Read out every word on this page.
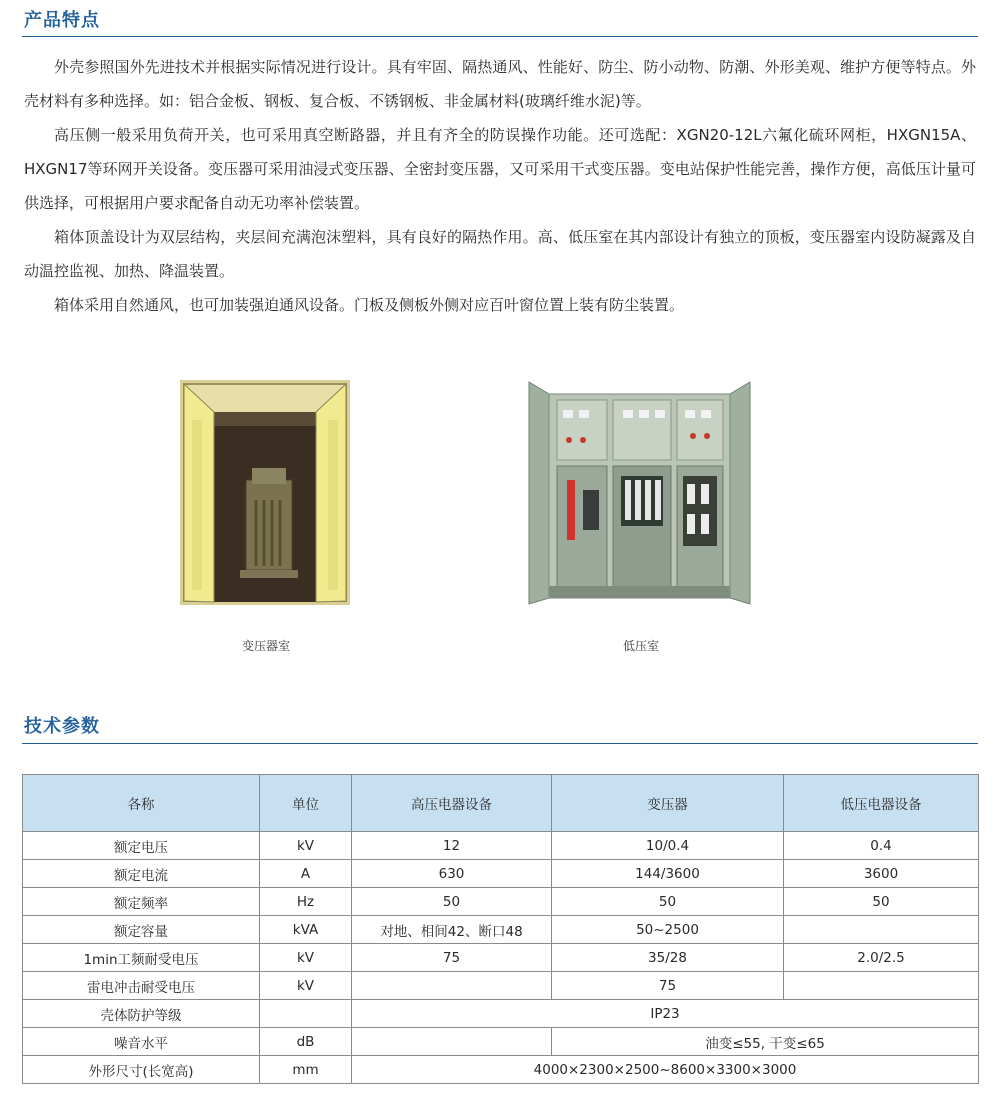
产品特点

外壳参照国外先进技术并根据实际情况进行设计。具有牢固、隔热通风、性能好、防尘、防小动物、防潮、外形美观、维护方便等特点。外壳材料有多种选择。如：铝合金板、钢板、复合板、不锈钢板、非金属材料(玻璃纤维水泥)等。

高压侧一般采用负荷开关，也可采用真空断路器，并且有齐全的防误操作功能。还可选配：XGN20-12L六氟化硫环网柜，HXGN15A、HXGN17等环网开关设备。变压器可采用油浸式变压器、全密封变压器，又可采用干式变压器。变电站保护性能完善，操作方便，高低压计量可供选择，可根据用户要求配备自动无功率补偿装置。

箱体顶盖设计为双层结构，夹层间充满泡沫塑料，具有良好的隔热作用。高、低压室在其内部设计有独立的顶板，变压器室内设防凝露及自动温控监视、加热、降温装置。

箱体采用自然通风，也可加装强迫通风设备。门板及侧板外侧对应百叶窗位置上装有防尘装置。

变压器室	低压室
技术参数
各称	单位	高压电器设备	变压器	低压电器设备
额定电压	kV	12	10/0.4	0.4
额定电流	A	630	144/3600	3600
额定频率	Hz	50	50	50
额定容量	kVA	对地、相间42、断口48	50~2500	
1min工频耐受电压	kV	75	35/28	2.0/2.5
雷电冲击耐受电压	kV		75	
壳体防护等级		IP23		
噪音水平	dB		油变≤55, 干变≤65	
外形尺寸(长宽高)	mm	4000×2300×2500~8600×3300×3000		
